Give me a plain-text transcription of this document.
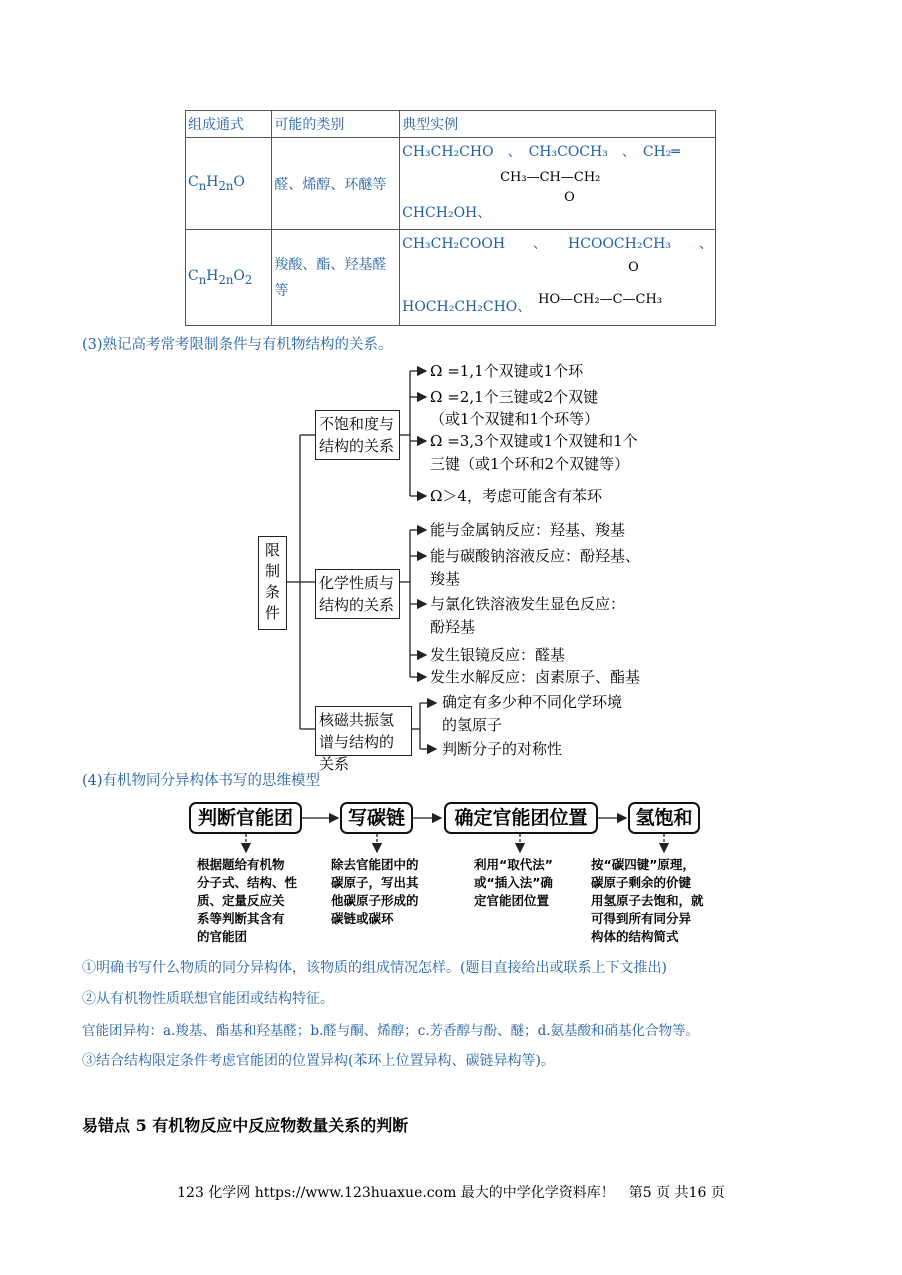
组成通式	可能的类别	典型实例
$C_nH_{2n}O$	醛、烯醇、环醚等	CH₃CH₂CHO　、　CH₃COCH₃　、　CH₂═
CH₃—CH—CH₂
O
CHCH₂OH、

$C_nH_{2n}O_2$	羧酸、酯、羟基醛等	CH₃CH₂COOH　　、　　HCOOCH₂CH₃　　、
HOCH₂CH₂CHO、
O
HO—CH₂—C—CH₃
(3)熟记高考常考限制条件与有机物结构的关系。
限制条件
不饱和度与结构的关系
化学性质与结构的关系
核磁共振氢谱与结构的关系
Ω =1,1个双键或1个环
Ω =2,1个三键或2个双键
（或1个双键和1个环等）
Ω =3,3个双键或1个双键和1个
三键（或1个环和2个双键等）
Ω＞4，考虑可能含有苯环
能与金属钠反应：羟基、羧基
能与碳酸钠溶液反应：酚羟基、
羧基
与氯化铁溶液发生显色反应：
酚羟基
发生银镜反应：醛基
发生水解反应：卤素原子、酯基
确定有多少种不同化学环境
的氢原子
判断分子的对称性
(4)有机物同分异构体书写的思维模型
判断官能团	写碳链	确定官能团位置	氢饱和
根据题给有机物
分子式、结构、性
质、定量反应关
系等判断其含有
的官能团
除去官能团中的
碳原子，写出其
他碳原子形成的
碳链或碳环
利用“取代法”
或“插入法”确
定官能团位置
按“碳四键”原理，
碳原子剩余的价键
用氢原子去饱和，就
可得到所有同分异
构体的结构简式
①明确书写什么物质的同分异构体，该物质的组成情况怎样。(题目直接给出或联系上下文推出)
②从有机物性质联想官能团或结构特征。
官能团异构：a.羧基、酯基和羟基醛；b.醛与酮、烯醇；c.芳香醇与酚、醚；d.氨基酸和硝基化合物等。
③结合结构限定条件考虑官能团的位置异构(苯环上位置异构、碳链异构等)。
易错点 5 有机物反应中反应物数量关系的判断
123 化学网 https://www.123huaxue.com 最大的中学化学资料库！　第5 页 共16 页
